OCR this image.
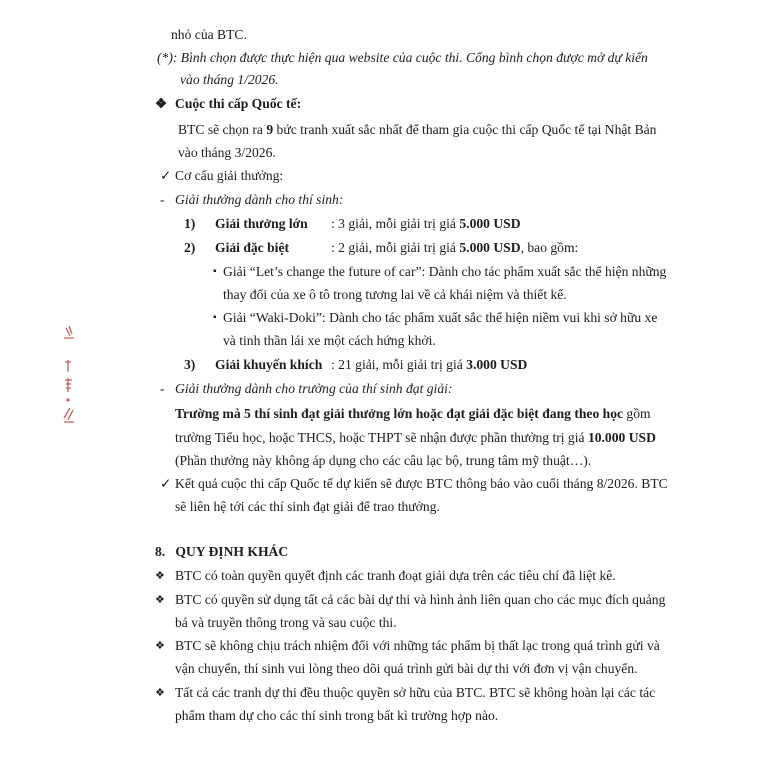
nhỏ của BTC.
(*): Bình chọn được thực hiện qua website của cuộc thi. Cổng bình chọn được mở dự kiến
vào tháng 1/2026.
❖ Cuộc thi cấp Quốc tế:
BTC sẽ chọn ra 9 bức tranh xuất sắc nhất để tham gia cuộc thi cấp Quốc tế tại Nhật Bản
vào tháng 3/2026.
✓ Cơ cấu giải thưởng:
- Giải thưởng dành cho thí sinh:
1) Giải thưởng lớn : 3 giải, mỗi giải trị giá 5.000 USD
2) Giải đặc biệt	: 2 giải, mỗi giải trị giá 5.000 USD, bao gồm:
▪ Giải “Let’s change the future of car”: Dành cho tác phẩm xuất sắc thể hiện những
thay đổi của xe ô tô trong tương lai về cả khái niệm và thiết kế.
▪ Giải “Waki-Doki”: Dành cho tác phẩm xuất sắc thể hiện niềm vui khi sở hữu xe
và tinh thần lái xe một cách hứng khởi.
3) Giải khuyến khích : 21 giải, mỗi giải trị giá 3.000 USD
- Giải thưởng dành cho trường của thí sinh đạt giải:
Trường mà 5 thí sinh đạt giải thưởng lớn hoặc đạt giải đặc biệt đang theo học gồm
trường Tiểu học, hoặc THCS, hoặc THPT sẽ nhận được phần thưởng trị giá 10.000 USD
(Phần thưởng này không áp dụng cho các câu lạc bộ, trung tâm mỹ thuật…).
✓ Kết quả cuộc thi cấp Quốc tế dự kiến sẽ được BTC thông báo vào cuối tháng 8/2026. BTC
sẽ liên hệ tới các thí sinh đạt giải để trao thưởng.
8.   QUY ĐỊNH KHÁC
❖ BTC có toàn quyền quyết định các tranh đoạt giải dựa trên các tiêu chí đã liệt kê.
❖ BTC có quyền sử dụng tất cả các bài dự thi và hình ảnh liên quan cho các mục đích quảng
bá và truyền thông trong và sau cuộc thi.
❖ BTC sẽ không chịu trách nhiệm đối với những tác phẩm bị thất lạc trong quá trình gửi và
vận chuyển, thí sinh vui lòng theo dõi quá trình gửi bài dự thi với đơn vị vận chuyển.
❖ Tất cả các tranh dự thi đều thuộc quyền sở hữu của BTC. BTC sẽ không hoàn lại các tác
phẩm tham dự cho các thí sinh trong bất kì trường hợp nào.
